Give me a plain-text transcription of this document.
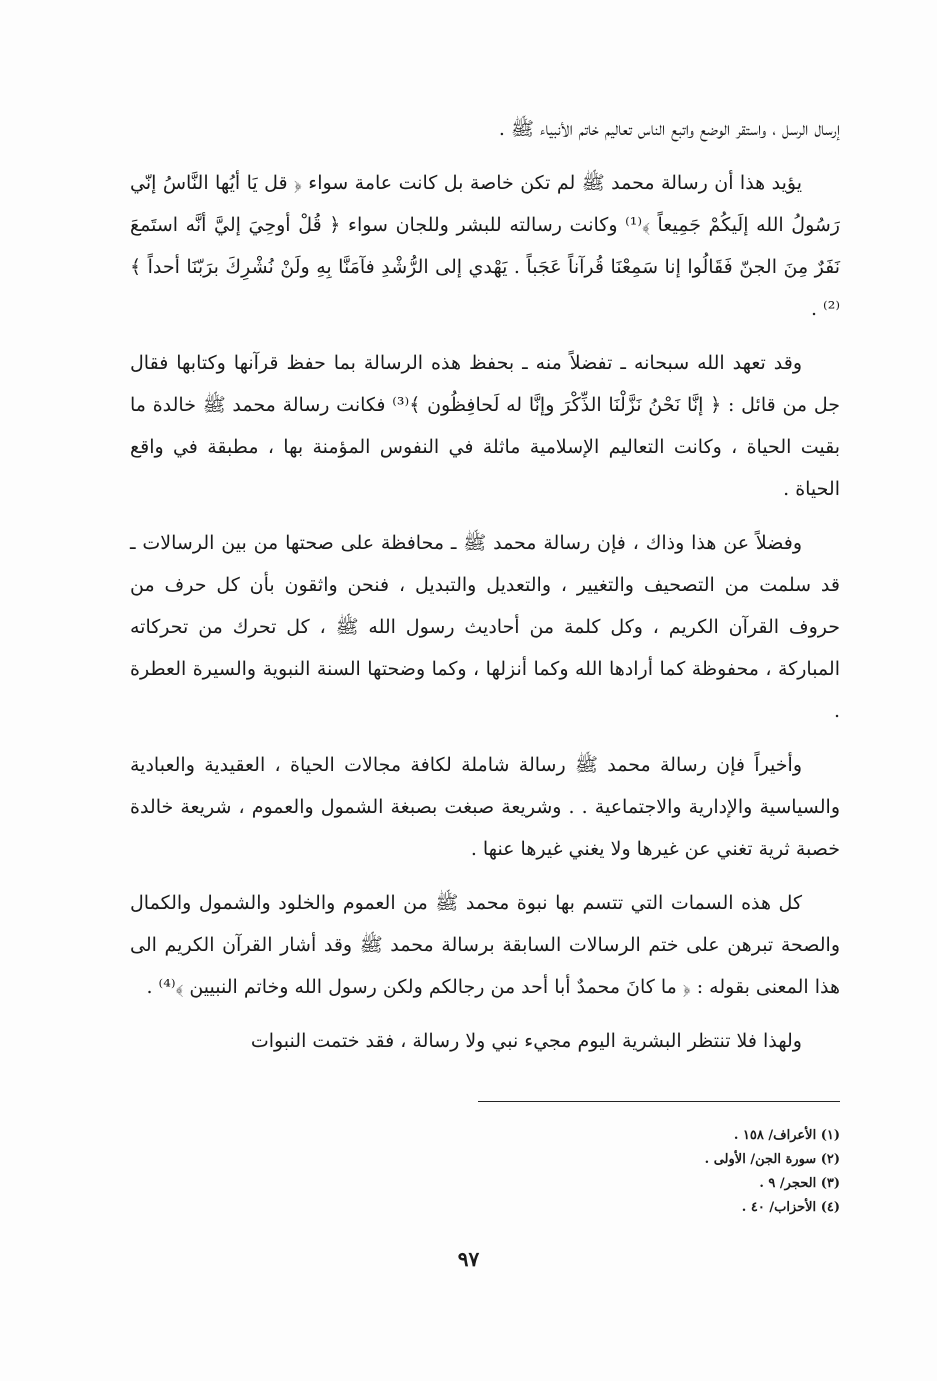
إرسال الرسل ، واستقر الوضع واتبع الناس تعاليم خاتم الأنبياء ﷺ .

يؤيد هذا أن رسالة محمد ﷺ لم تكن خاصة بل كانت عامة سواء ﴿ قل يَا أيُها النَّاسُ إنّي رَسُولُ الله إلَيكُمْ جَمِيعاً ﴾⁽¹⁾ وكانت رسالته للبشر وللجان سواء ﴿ قُلْ أوحِيَ إليَّ أنَّه استَمعَ نَفَرٌ مِنَ الجنّ فَقَالُوا إنا سَمِعْنَا قُرآناً عَجَباً . يَهْدي إلى الرُّشْدِ فآمَنَّا بِهِ ولَنْ نُشْرِكَ برَبّنَا أحداً ﴾⁽²⁾ .

وقد تعهد الله سبحانه ـ تفضلاً منه ـ بحفظ هذه الرسالة بما حفظ قرآنها وكتابها فقال جل من قائل : ﴿ إنَّا نَحْنُ نَزَّلْنَا الذِّكْرَ وإنَّا له لَحافِظُون ﴾⁽³⁾ فكانت رسالة محمد ﷺ خالدة ما بقيت الحياة ، وكانت التعاليم الإسلامية ماثلة في النفوس المؤمنة بها ، مطبقة في واقع الحياة .

وفضلاً عن هذا وذاك ، فإن رسالة محمد ﷺ ـ محافظة على صحتها من بين الرسالات ـ قد سلمت من التصحيف والتغيير ، والتعديل والتبديل ، فنحن واثقون بأن كل حرف من حروف القرآن الكريم ، وكل كلمة من أحاديث رسول الله ﷺ ، كل تحرك من تحركاته المباركة ، محفوظة كما أرادها الله وكما أنزلها ، وكما وضحتها السنة النبوية والسيرة العطرة .

وأخيراً فإن رسالة محمد ﷺ رسالة شاملة لكافة مجالات الحياة ، العقيدية والعبادية والسياسية والإدارية والاجتماعية . . وشريعة صبغت بصبغة الشمول والعموم ، شريعة خالدة خصبة ثرية تغني عن غيرها ولا يغني غيرها عنها .

كل هذه السمات التي تتسم بها نبوة محمد ﷺ من العموم والخلود والشمول والكمال والصحة تبرهن على ختم الرسالات السابقة برسالة محمد ﷺ وقد أشار القرآن الكريم الى هذا المعنى بقوله : ﴿ ما كانَ محمدٌ أبا أحد من رجالكم ولكن رسول الله وخاتم النبيين ﴾⁽⁴⁾ .

ولهذا فلا تنتظر البشرية اليوم مجيء نبي ولا رسالة ، فقد ختمت النبوات

(١) الأعراف/ ١٥٨ .
(٢) سورة الجن/ الأولى .
(٣) الحجر/ ٩ .
(٤) الأحزاب/ ٤٠ .
٩٧
